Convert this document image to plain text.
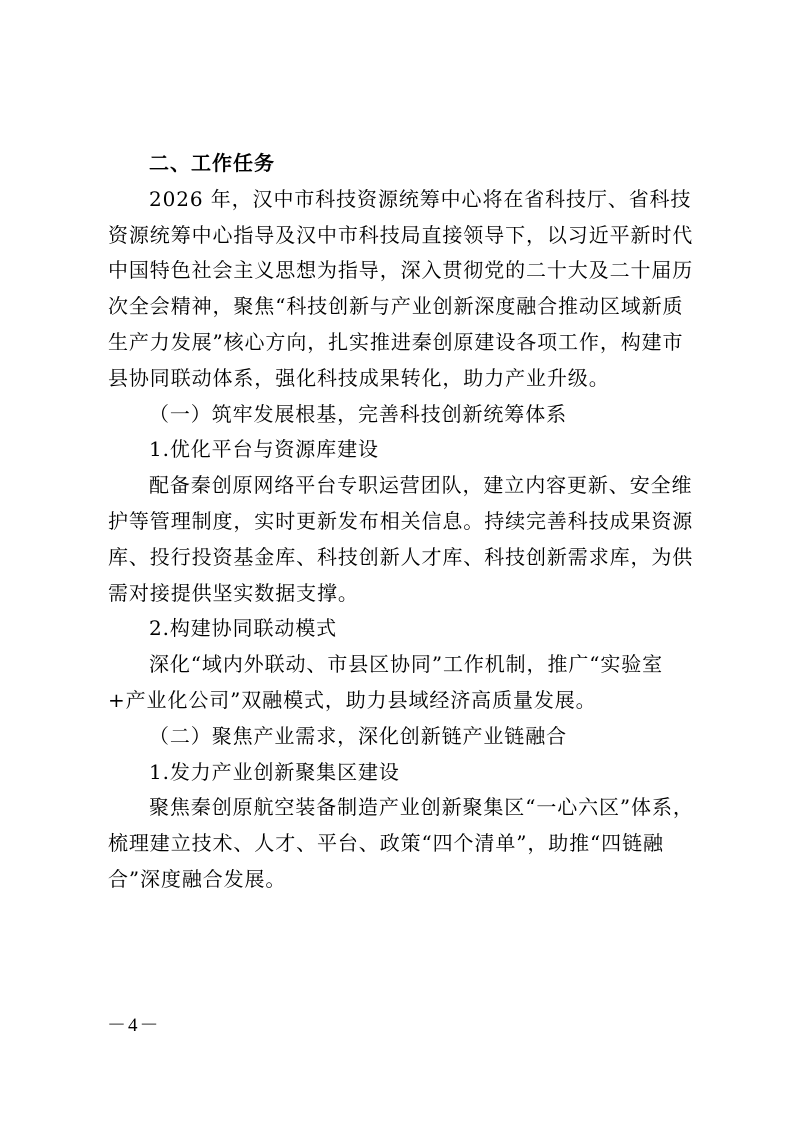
二、工作任务
2026 年，汉中市科技资源统筹中心将在省科技厅、省科技
资源统筹中心指导及汉中市科技局直接领导下，以习近平新时代
中国特色社会主义思想为指导，深入贯彻党的二十大及二十届历
次全会精神，聚焦“科技创新与产业创新深度融合推动区域新质
生产力发展”核心方向，扎实推进秦创原建设各项工作，构建市
县协同联动体系，强化科技成果转化，助力产业升级。
（一）筑牢发展根基，完善科技创新统筹体系
1.优化平台与资源库建设
配备秦创原网络平台专职运营团队，建立内容更新、安全维
护等管理制度，实时更新发布相关信息。持续完善科技成果资源
库、投行投资基金库、科技创新人才库、科技创新需求库，为供
需对接提供坚实数据支撑。
2.构建协同联动模式
深化“域内外联动、市县区协同”工作机制，推广“实验室
+产业化公司”双融模式，助力县域经济高质量发展。
（二）聚焦产业需求，深化创新链产业链融合
1.发力产业创新聚集区建设
聚焦秦创原航空装备制造产业创新聚集区“一心六区”体系，
梳理建立技术、人才、平台、政策“四个清单”，助推“四链融
合”深度融合发展。
－4－
